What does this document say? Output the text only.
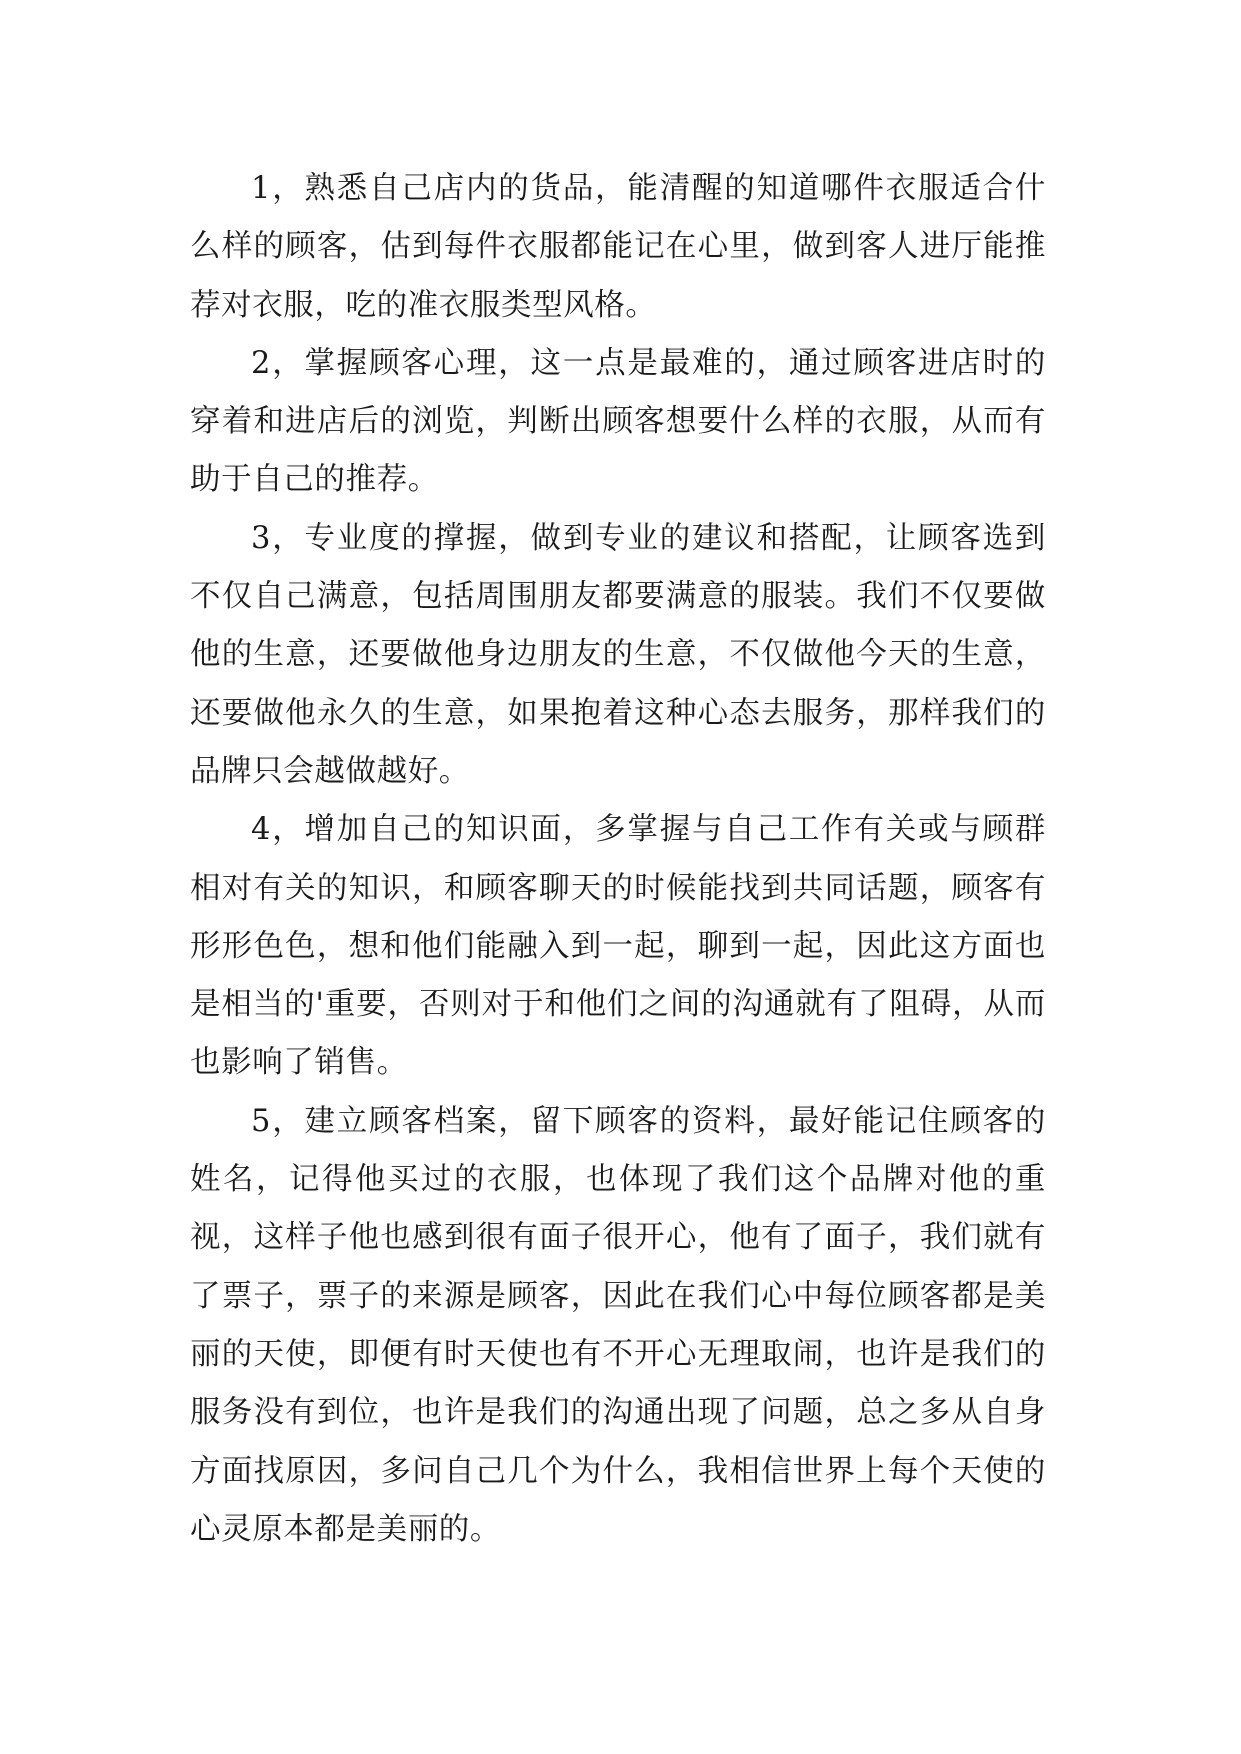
1，熟悉自己店内的货品，能清醒的知道哪件衣服适合什么样的顾客，估到每件衣服都能记在心里，做到客人进厅能推荐对衣服，吃的准衣服类型风格。

2，掌握顾客心理，这一点是最难的，通过顾客进店时的穿着和进店后的浏览，判断出顾客想要什么样的衣服，从而有助于自己的推荐。

3，专业度的撑握，做到专业的建议和搭配，让顾客选到不仅自己满意，包括周围朋友都要满意的服装。我们不仅要做他的生意，还要做他身边朋友的生意，不仅做他今天的生意，还要做他永久的生意，如果抱着这种心态去服务，那样我们的品牌只会越做越好。

4，增加自己的知识面，多掌握与自己工作有关或与顾群相对有关的知识，和顾客聊天的时候能找到共同话题，顾客有形形色色，想和他们能融入到一起，聊到一起，因此这方面也是相当的'重要，否则对于和他们之间的沟通就有了阻碍，从而也影响了销售。

5，建立顾客档案，留下顾客的资料，最好能记住顾客的姓名，记得他买过的衣服，也体现了我们这个品牌对他的重视，这样子他也感到很有面子很开心，他有了面子，我们就有了票子，票子的来源是顾客，因此在我们心中每位顾客都是美丽的天使，即便有时天使也有不开心无理取闹，也许是我们的服务没有到位，也许是我们的沟通出现了问题，总之多从自身方面找原因，多问自己几个为什么，我相信世界上每个天使的心灵原本都是美丽的。
